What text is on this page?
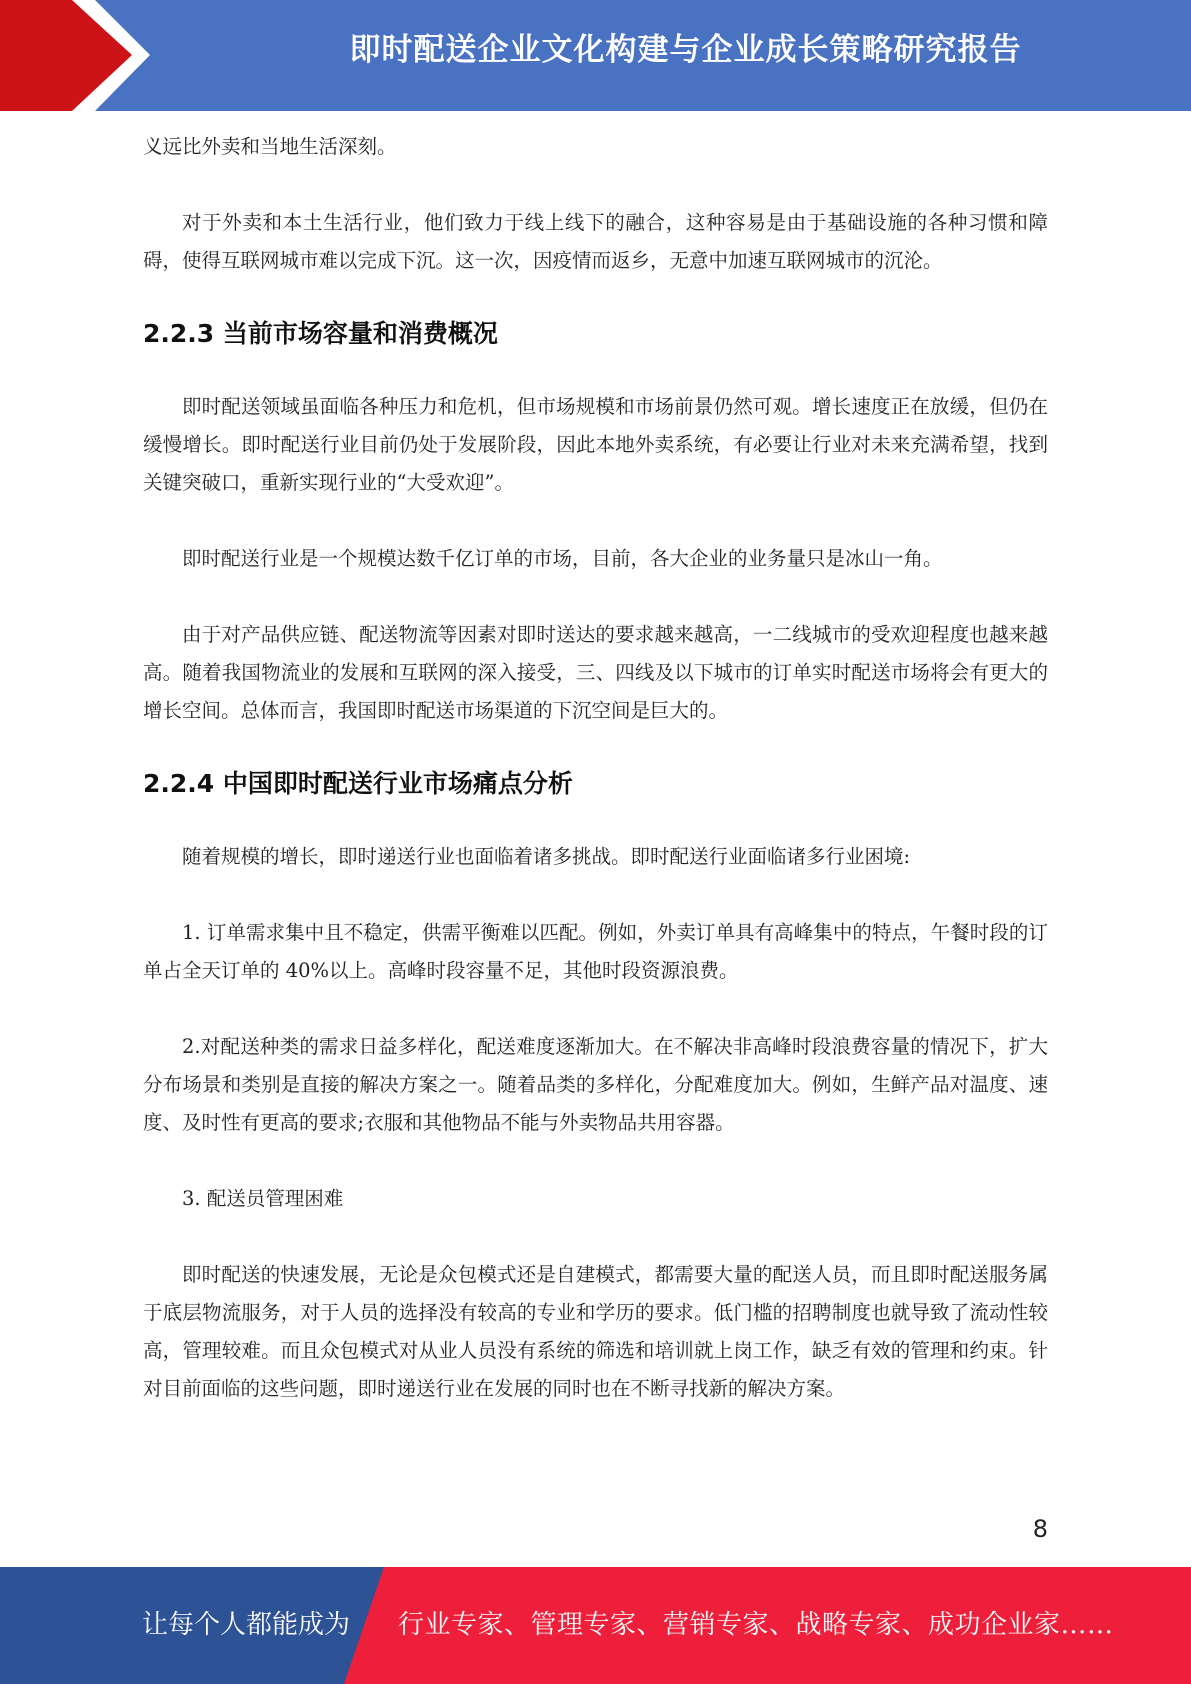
即时配送企业文化构建与企业成长策略研究报告

义远比外卖和当地生活深刻。

对于外卖和本土生活行业，他们致力于线上线下的融合，这种容易是由于基础设施的各种习惯和障碍，使得互联网城市难以完成下沉。这一次，因疫情而返乡，无意中加速互联网城市的沉沦。

2.2.3 当前市场容量和消费概况

即时配送领域虽面临各种压力和危机，但市场规模和市场前景仍然可观。增长速度正在放缓，但仍在缓慢增长。即时配送行业目前仍处于发展阶段，因此本地外卖系统，有必要让行业对未来充满希望，找到关键突破口，重新实现行业的“大受欢迎”。

即时配送行业是一个规模达数千亿订单的市场，目前，各大企业的业务量只是冰山一角。

由于对产品供应链、配送物流等因素对即时送达的要求越来越高，一二线城市的受欢迎程度也越来越高。随着我国物流业的发展和互联网的深入接受，三、四线及以下城市的订单实时配送市场将会有更大的增长空间。总体而言，我国即时配送市场渠道的下沉空间是巨大的。

2.2.4 中国即时配送行业市场痛点分析

随着规模的增长，即时递送行业也面临着诸多挑战。即时配送行业面临诸多行业困境:

1. 订单需求集中且不稳定，供需平衡难以匹配。例如，外卖订单具有高峰集中的特点，午餐时段的订单占全天订单的 40%以上。高峰时段容量不足，其他时段资源浪费。

2.对配送种类的需求日益多样化，配送难度逐渐加大。在不解决非高峰时段浪费容量的情况下，扩大分布场景和类别是直接的解决方案之一。随着品类的多样化，分配难度加大。例如，生鲜产品对温度、速度、及时性有更高的要求;衣服和其他物品不能与外卖物品共用容器。

3. 配送员管理困难

即时配送的快速发展，无论是众包模式还是自建模式，都需要大量的配送人员，而且即时配送服务属于底层物流服务，对于人员的选择没有较高的专业和学历的要求。低门槛的招聘制度也就导致了流动性较高，管理较难。而且众包模式对从业人员没有系统的筛选和培训就上岗工作，缺乏有效的管理和约束。针对目前面临的这些问题，即时递送行业在发展的同时也在不断寻找新的解决方案。

8
让每个人都能成为 行业专家、管理专家、营销专家、战略专家、成功企业家……
